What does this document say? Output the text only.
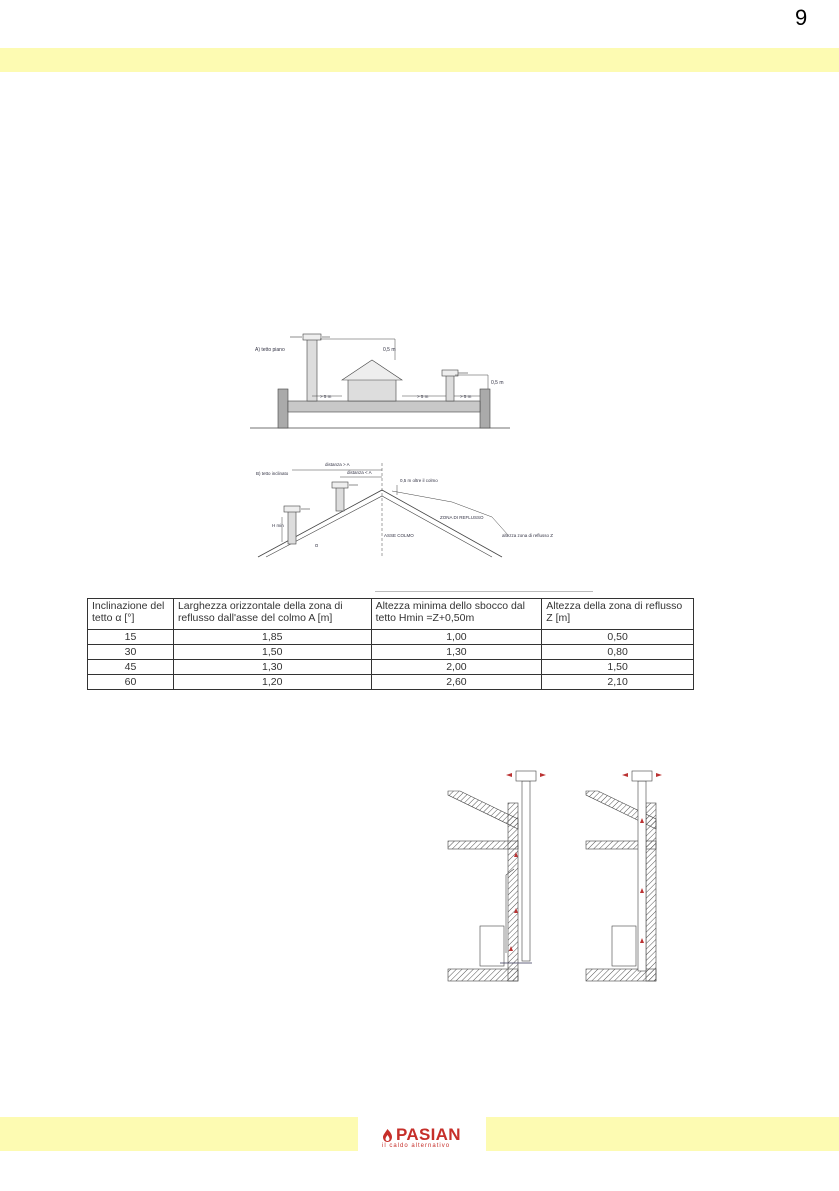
9
A) tetto piano	0,5 m
0,5 m
> 5 m	> 5 m	> 5 m
B) tetto inclinato
distanza > A
distanza < A
0,5 m oltre il colmo
ZONA DI REFLUSSO
H min
ASSE COLMO	altezza zona di reflusso Z
α
Inclinazione del tetto α [°]	Larghezza orizzontale della zona di reflusso dall'asse del colmo A [m]	Altezza minima dello sbocco dal tetto Hmin =Z+0,50m	Altezza della zona di reflusso Z [m]
15	1,85	1,00	0,50
30	1,50	1,30	0,80
45	1,30	2,00	1,50
60	1,20	2,60	2,10
PASIAN
il caldo alternativo
